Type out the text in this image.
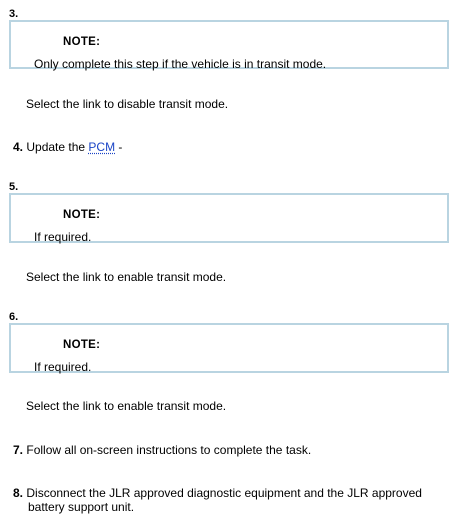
3.
NOTE:
Only complete this step if the vehicle is in transit mode.
Select the link to disable transit mode.
4. Update the PCM -
5.
NOTE:
If required.
Select the link to enable transit mode.
6.
NOTE:
If required.
Select the link to enable transit mode.
7. Follow all on-screen instructions to complete the task.
8. Disconnect the JLR approved diagnostic equipment and the JLR approved
battery support unit.
